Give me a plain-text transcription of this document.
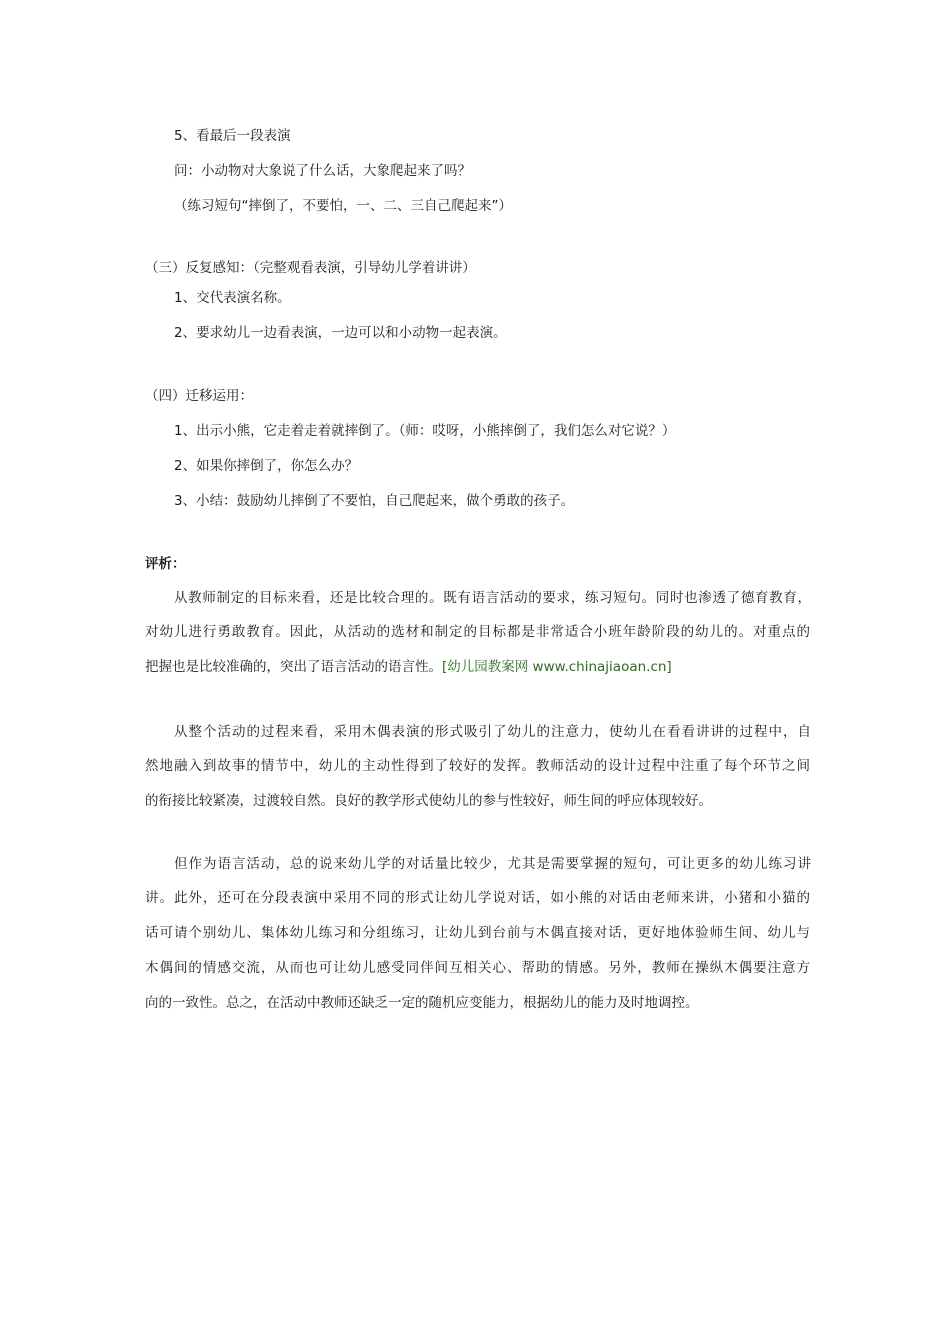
5、看最后一段表演
问：小动物对大象说了什么话，大象爬起来了吗？
（练习短句“摔倒了，不要怕，一、二、三自己爬起来”）
（三）反复感知：（完整观看表演，引导幼儿学着讲讲）
1、交代表演名称。
2、要求幼儿一边看表演，一边可以和小动物一起表演。
（四）迁移运用：
1、出示小熊，它走着走着就摔倒了。（师：哎呀，小熊摔倒了，我们怎么对它说？）
2、如果你摔倒了，你怎么办？
3、小结：鼓励幼儿摔倒了不要怕，自己爬起来，做个勇敢的孩子。
评析：
从教师制定的目标来看，还是比较合理的。既有语言活动的要求，练习短句。同时也渗透了德育教育，
对幼儿进行勇敢教育。因此，从活动的选材和制定的目标都是非常适合小班年龄阶段的幼儿的。对重点的
把握也是比较准确的，突出了语言活动的语言性。[幼儿园教案网 www.chinajiaoan.cn]
从整个活动的过程来看，采用木偶表演的形式吸引了幼儿的注意力，使幼儿在看看讲讲的过程中，自
然地融入到故事的情节中，幼儿的主动性得到了较好的发挥。教师活动的设计过程中注重了每个环节之间
的衔接比较紧凑，过渡较自然。良好的教学形式使幼儿的参与性较好，师生间的呼应体现较好。
但作为语言活动，总的说来幼儿学的对话量比较少，尤其是需要掌握的短句，可让更多的幼儿练习讲
讲。此外，还可在分段表演中采用不同的形式让幼儿学说对话，如小熊的对话由老师来讲，小猪和小猫的
话可请个别幼儿、集体幼儿练习和分组练习，让幼儿到台前与木偶直接对话，更好地体验师生间、幼儿与
木偶间的情感交流，从而也可让幼儿感受同伴间互相关心、帮助的情感。另外，教师在操纵木偶要注意方
向的一致性。总之，在活动中教师还缺乏一定的随机应变能力，根据幼儿的能力及时地调控。
